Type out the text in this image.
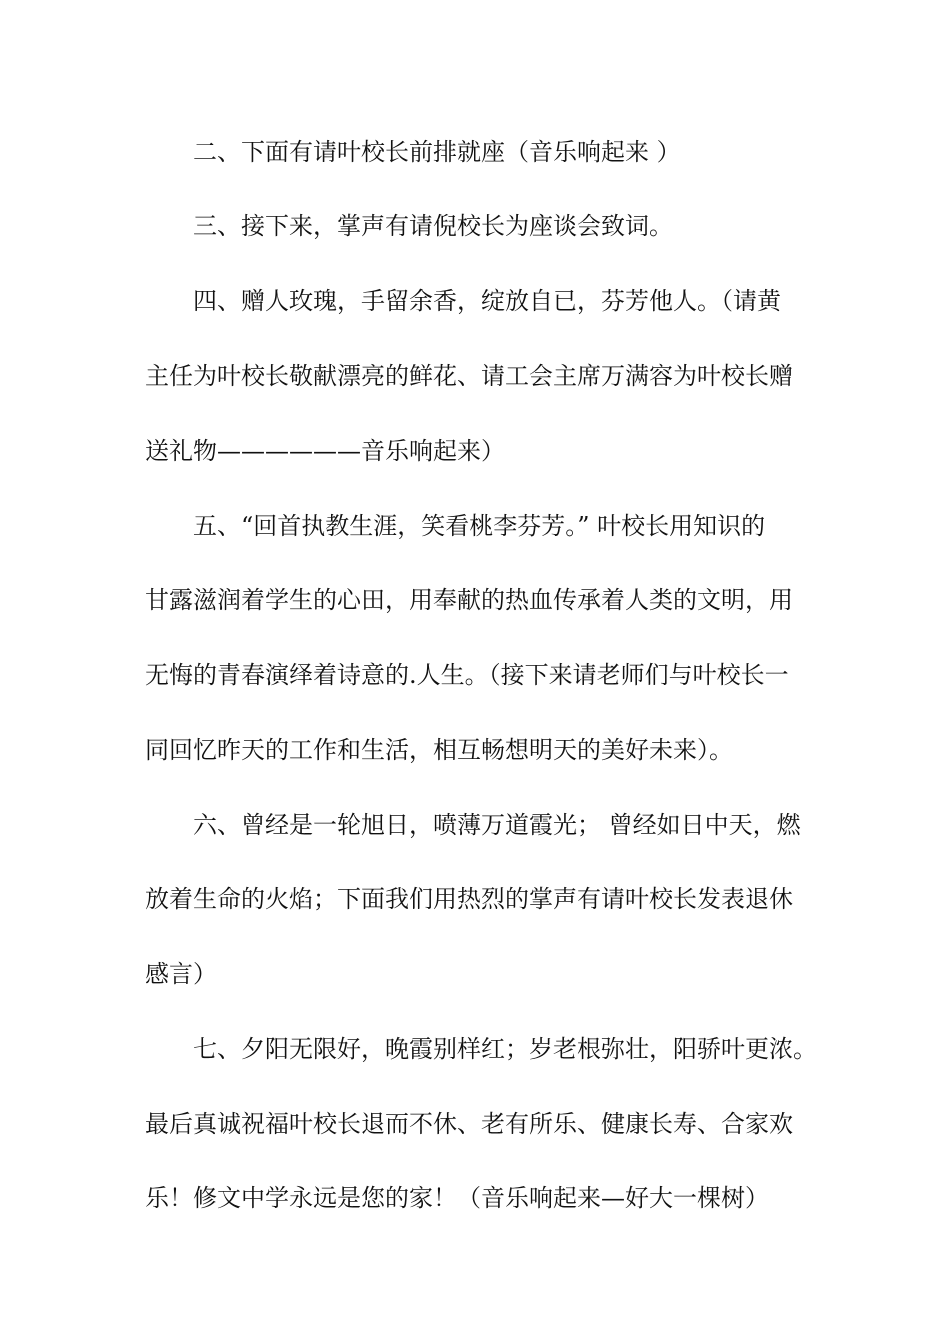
二、下面有请叶校长前排就座（音乐响起来 ）

三、接下来，掌声有请倪校长为座谈会致词。

四、赠人玫瑰，手留余香，绽放自已，芬芳他人。（请黄

主任为叶校长敬献漂亮的鲜花、请工会主席万满容为叶校长赠

送礼物——————音乐响起来）

五、“回首执教生涯，笑看桃李芬芳。” 叶校长用知识的

甘露滋润着学生的心田，用奉献的热血传承着人类的文明，用

无悔的青春演绎着诗意的.人生。（接下来请老师们与叶校长一

同回忆昨天的工作和生活，相互畅想明天的美好未来）。

六、曾经是一轮旭日，喷薄万道霞光； 曾经如日中天，燃

放着生命的火焰；下面我们用热烈的掌声有请叶校长发表退休

感言）

七、夕阳无限好，晚霞别样红；岁老根弥壮，阳骄叶更浓。

最后真诚祝福叶校长退而不休、老有所乐、健康长寿、合家欢

乐！修文中学永远是您的家！（音乐响起来—好大一棵树）
